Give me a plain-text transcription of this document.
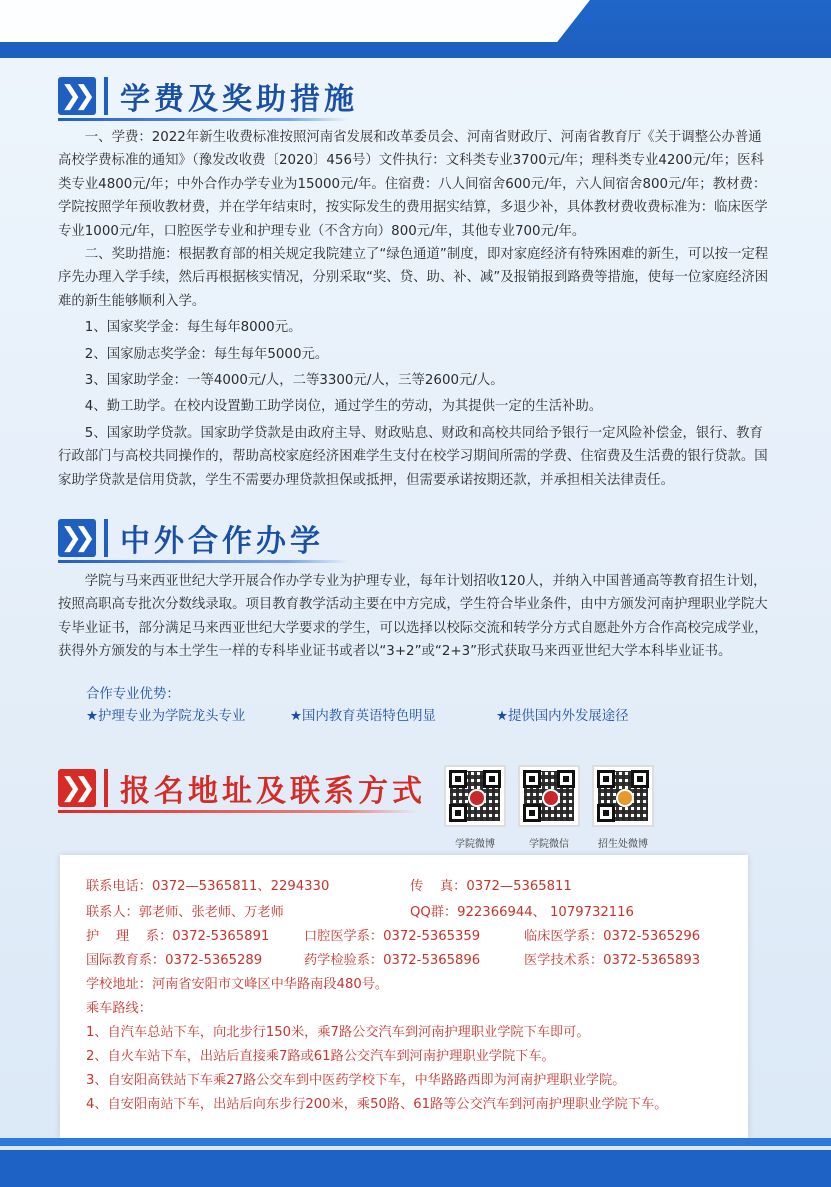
❯❯ 学费及奖助措施

一、学费：2022年新生收费标准按照河南省发展和改革委员会、河南省财政厅、河南省教育厅《关于调整公办普通高校学费标准的通知》（豫发改收费〔2020〕456号）文件执行：文科类专业3700元/年；理科类专业4200元/年；医科类专业4800元/年；中外合作办学专业为15000元/年。住宿费：八人间宿舍600元/年，六人间宿舍800元/年；教材费：学院按照学年预收教材费，并在学年结束时，按实际发生的费用据实结算，多退少补，具体教材费收费标准为：临床医学专业1000元/年，口腔医学专业和护理专业（不含方向）800元/年，其他专业700元/年。

二、奖助措施：根据教育部的相关规定我院建立了“绿色通道”制度，即对家庭经济有特殊困难的新生，可以按一定程序先办理入学手续，然后再根据核实情况，分别采取“奖、贷、助、补、减”及报销报到路费等措施，使每一位家庭经济困难的新生能够顺利入学。

1、国家奖学金：每生每年8000元。

2、国家励志奖学金：每生每年5000元。

3、国家助学金：一等4000元/人，二等3300元/人，三等2600元/人。

4、勤工助学。在校内设置勤工助学岗位，通过学生的劳动，为其提供一定的生活补助。

5、国家助学贷款。国家助学贷款是由政府主导、财政贴息、财政和高校共同给予银行一定风险补偿金，银行、教育行政部门与高校共同操作的，帮助高校家庭经济困难学生支付在校学习期间所需的学费、住宿费及生活费的银行贷款。国家助学贷款是信用贷款，学生不需要办理贷款担保或抵押，但需要承诺按期还款，并承担相关法律责任。

❯❯ 中外合作办学

学院与马来西亚世纪大学开展合作办学专业为护理专业，每年计划招收120人，并纳入中国普通高等教育招生计划，按照高职高专批次分数线录取。项目教育教学活动主要在中方完成，学生符合毕业条件，由中方颁发河南护理职业学院大专毕业证书，部分满足马来西亚世纪大学要求的学生，可以选择以校际交流和转学分方式自愿赴外方合作高校完成学业，获得外方颁发的与本土学生一样的专科毕业证书或者以“3+2”或“2+3”形式获取马来西亚世纪大学本科毕业证书。

合作专业优势：
★护理专业为学院龙头专业	★国内教育英语特色明显	★提供国内外发展途径
❯❯ 报名地址及联系方式
学院微博	学院微信	招生处微博
联系电话：0372—5365811、2294330	传    真：0372—5365811
联系人：郭老师、张老师、万老师	QQ群：922366944、 1079732116
护    理    系：0372-5365891	口腔医学系：0372-5365359	临床医学系：0372-5365296
国际教育系：0372-5365289	药学检验系：0372-5365896	医学技术系：0372-5365893
学校地址：河南省安阳市文峰区中华路南段480号。
乘车路线：
1、自汽车总站下车，向北步行150米，乘7路公交汽车到河南护理职业学院下车即可。
2、自火车站下车，出站后直接乘7路或61路公交汽车到河南护理职业学院下车。
3、自安阳高铁站下车乘27路公交车到中医药学校下车，中华路路西即为河南护理职业学院。
4、自安阳南站下车，出站后向东步行200米，乘50路、61路等公交汽车到河南护理职业学院下车。
